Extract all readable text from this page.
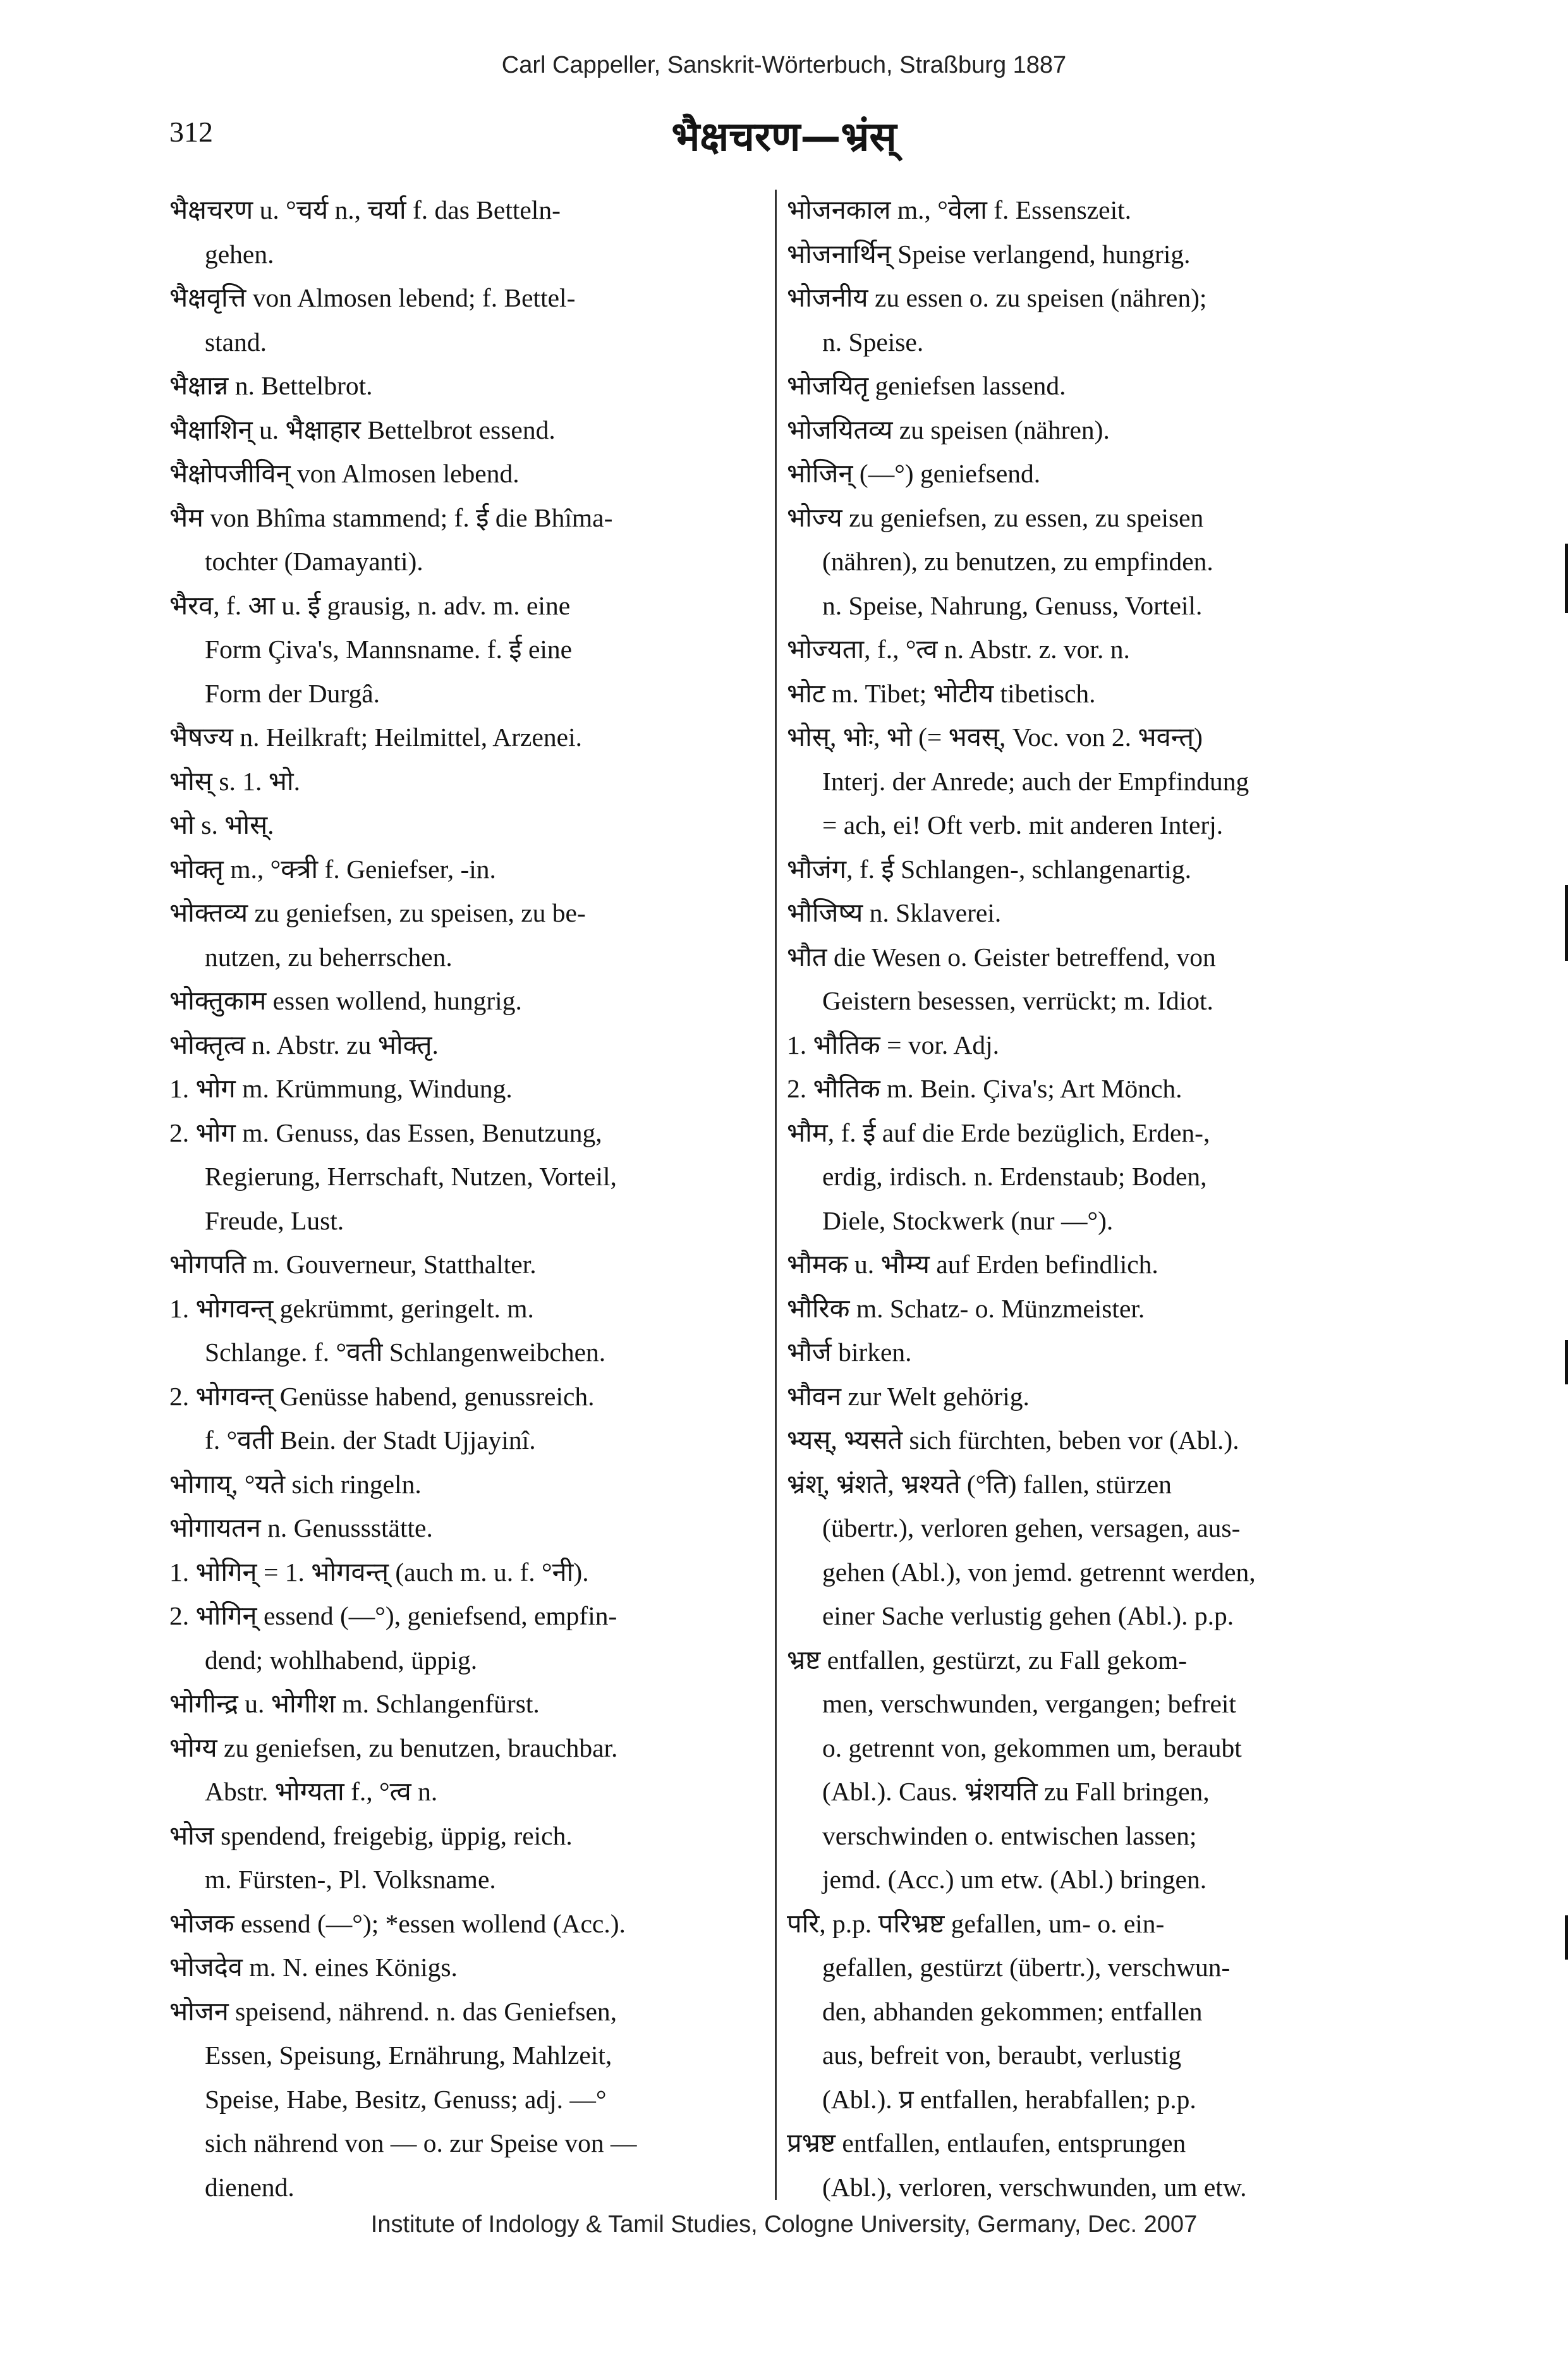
Carl Cappeller, Sanskrit-Wörterbuch, Straßburg 1887
312	भैक्षचरण—भ्रंस्
भैक्षचरण u. °चर्य n., चर्या f. das Betteln-
gehen.
भैक्षवृत्ति von Almosen lebend; f. Bettel-
stand.
भैक्षान्न n. Bettelbrot.
भैक्षाशिन् u. भैक्षाहार Bettelbrot essend.
भैक्षोपजीविन् von Almosen lebend.
भैम von Bhîma stammend; f. ई die Bhîma-
tochter (Damayanti).
भैरव, f. आ u. ई grausig, n. adv. m. eine
Form Çiva's, Mannsname. f. ई eine
Form der Durgâ.
भैषज्य n. Heilkraft; Heilmittel, Arzenei.
भोस् s. 1. भो.
भो s. भोस्.
भोक्तृ m., °क्त्री f. Geniefser, -in.
भोक्तव्य zu geniefsen, zu speisen, zu be-
nutzen, zu beherrschen.
भोक्तुकाम essen wollend, hungrig.
भोक्तृत्व n. Abstr. zu भोक्तृ.
1. भोग m. Krümmung, Windung.
2. भोग m. Genuss, das Essen, Benutzung,
Regierung, Herrschaft, Nutzen, Vorteil,
Freude, Lust.
भोगपति m. Gouverneur, Statthalter.
1. भोगवन्त् gekrümmt, geringelt. m.
Schlange. f. °वती Schlangenweibchen.
2. भोगवन्त् Genüsse habend, genussreich.
f. °वती Bein. der Stadt Ujjayinî.
भोगाय्, °यते sich ringeln.
भोगायतन n. Genussstätte.
1. भोगिन् = 1. भोगवन्त् (auch m. u. f. °नी).
2. भोगिन् essend (—°), geniefsend, empfin-
dend; wohlhabend, üppig.
भोगीन्द्र u. भोगीश m. Schlangenfürst.
भोग्य zu geniefsen, zu benutzen, brauchbar.
Abstr. भोग्यता f., °त्व n.
भोज spendend, freigebig, üppig, reich.
m. Fürsten-, Pl. Volksname.
भोजक essend (—°); *essen wollend (Acc.).
भोजदेव m. N. eines Königs.
भोजन speisend, nährend. n. das Geniefsen,
Essen, Speisung, Ernährung, Mahlzeit,
Speise, Habe, Besitz, Genuss; adj. —°
sich nährend von — o. zur Speise von —
dienend.
भोजनकाल m., °वेला f. Essenszeit.
भोजनार्थिन् Speise verlangend, hungrig.
भोजनीय zu essen o. zu speisen (nähren);
n. Speise.
भोजयितृ geniefsen lassend.
भोजयितव्य zu speisen (nähren).
भोजिन् (—°) geniefsend.
भोज्य zu geniefsen, zu essen, zu speisen
(nähren), zu benutzen, zu empfinden.
n. Speise, Nahrung, Genuss, Vorteil.
भोज्यता, f., °त्व n. Abstr. z. vor. n.
भोट m. Tibet; भोटीय tibetisch.
भोस्, भोः, भो (= भवस्, Voc. von 2. भवन्त्)
Interj. der Anrede; auch der Empfindung
= ach, ei! Oft verb. mit anderen Interj.
भौजंग, f. ई Schlangen-, schlangenartig.
भौजिष्य n. Sklaverei.
भौत die Wesen o. Geister betreffend, von
Geistern besessen, verrückt; m. Idiot.
1. भौतिक = vor. Adj.
2. भौतिक m. Bein. Çiva's; Art Mönch.
भौम, f. ई auf die Erde bezüglich, Erden-,
erdig, irdisch. n. Erdenstaub; Boden,
Diele, Stockwerk (nur —°).
भौमक u. भौम्य auf Erden befindlich.
भौरिक m. Schatz- o. Münzmeister.
भौर्ज birken.
भौवन zur Welt gehörig.
भ्यस्, भ्यसते sich fürchten, beben vor (Abl.).
भ्रंश्, भ्रंशते, भ्रश्यते (°ति) fallen, stürzen
(übertr.), verloren gehen, versagen, aus-
gehen (Abl.), von jemd. getrennt werden,
einer Sache verlustig gehen (Abl.). p.p.
भ्रष्ट entfallen, gestürzt, zu Fall gekom-
men, verschwunden, vergangen; befreit
o. getrennt von, gekommen um, beraubt
(Abl.). Caus. भ्रंशयति zu Fall bringen,
verschwinden o. entwischen lassen;
jemd. (Acc.) um etw. (Abl.) bringen.
परि, p.p. परिभ्रष्ट gefallen, um- o. ein-
gefallen, gestürzt (übertr.), verschwun-
den, abhanden gekommen; entfallen
aus, befreit von, beraubt, verlustig
(Abl.). प्र entfallen, herabfallen; p.p.
प्रभ्रष्ट entfallen, entlaufen, entsprungen
(Abl.), verloren, verschwunden, um etw.
Institute of Indology & Tamil Studies, Cologne University, Germany, Dec. 2007
